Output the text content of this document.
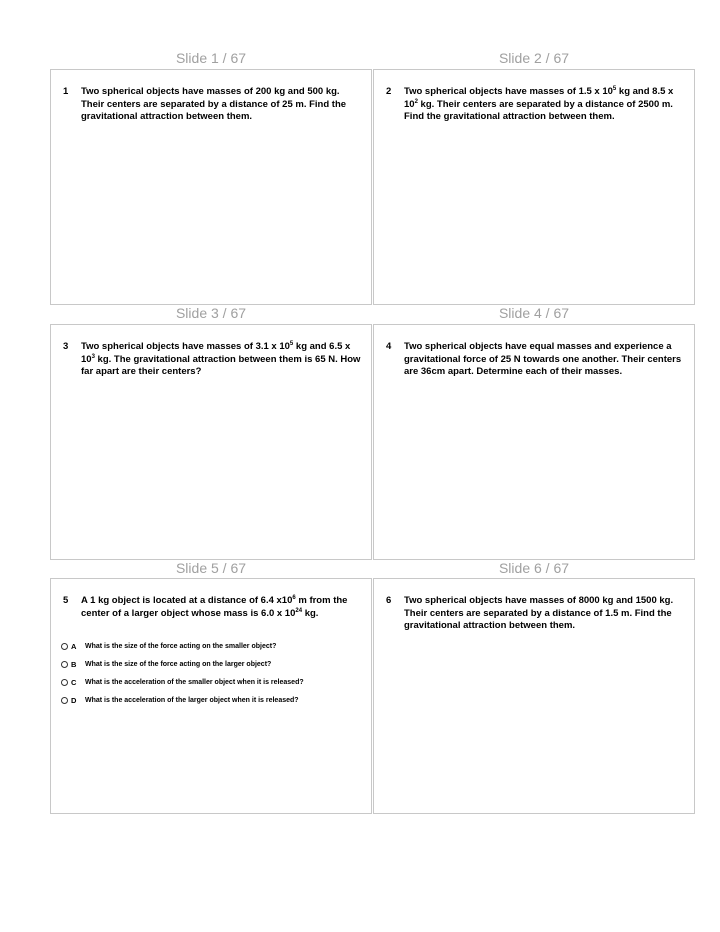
Slide 1 / 67	Slide 2 / 67
1	Two spherical objects have masses of 200 kg and 500 kg. Their centers are separated by a distance of 25 m. Find the gravitational attraction between them.
2	Two spherical objects have masses of 1.5 x $10^5$ kg and 8.5 x $10^2$ kg. Their centers are separated by a distance of 2500 m. Find the gravitational attraction between them.
Slide 3 / 67	Slide 4 / 67
3	Two spherical objects have masses of 3.1 x $10^5$ kg and 6.5 x $10^3$ kg. The gravitational attraction between them is 65 N. How far apart are their centers?
4	Two spherical objects have equal masses and experience a gravitational force of 25 N towards one another. Their centers are 36cm apart. Determine each of their masses.
Slide 5 / 67	Slide 6 / 67
5	A 1 kg object is located at a distance of 6.4 $x10^6$ m from the center of a larger object whose mass is 6.0 x $10^{24}$ kg.
A	What is the size of the force acting on the smaller object?
B	What is the size of the force acting on the larger object?
C	What is the acceleration of the smaller object when it is released?
D	What is the acceleration of the larger object when it is released?
6	Two spherical objects have masses of 8000 kg and 1500 kg. Their centers are separated by a distance of 1.5 m. Find the gravitational attraction between them.
